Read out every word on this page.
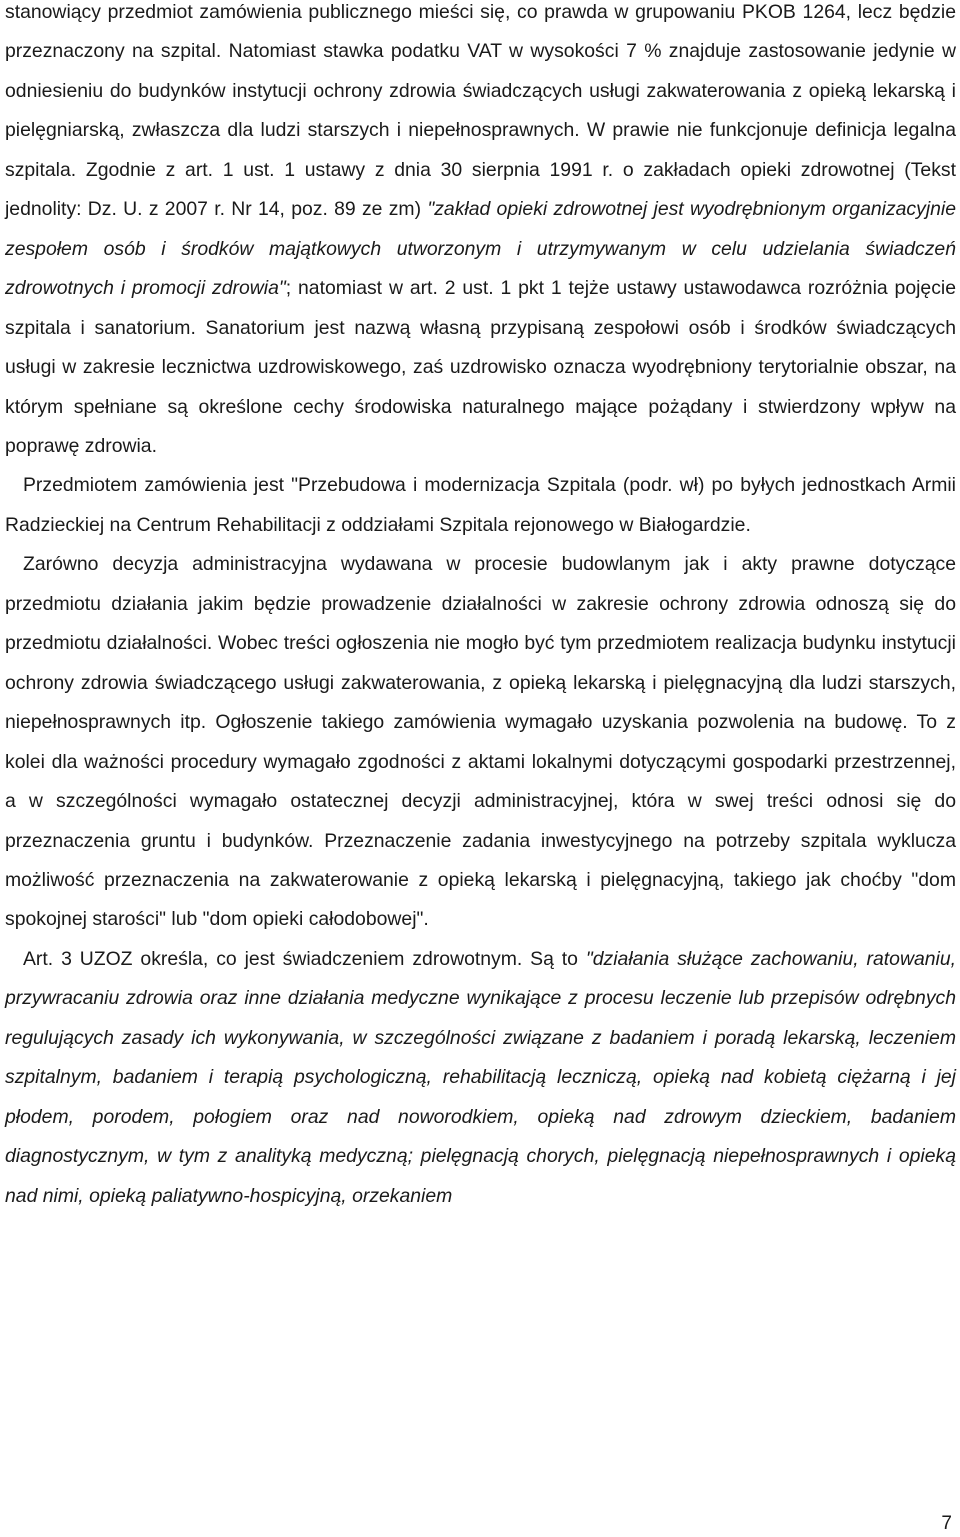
stanowiący przedmiot zamówienia publicznego mieści się, co prawda w grupowaniu PKOB 1264, lecz będzie przeznaczony na szpital. Natomiast stawka podatku VAT w wysokości 7 % znajduje zastosowanie jedynie w odniesieniu do budynków instytucji ochrony zdrowia świadczących usługi zakwaterowania z opieką lekarską i pielęgniarską, zwłaszcza dla ludzi starszych i niepełnosprawnych. W prawie nie funkcjonuje definicja legalna szpitala. Zgodnie z art. 1 ust. 1 ustawy z dnia 30 sierpnia 1991 r. o zakładach opieki zdrowotnej (Tekst jednolity: Dz. U. z 2007 r. Nr 14, poz. 89 ze zm) "zakład opieki zdrowotnej jest wyodrębnionym organizacyjnie zespołem osób i środków majątkowych utworzonym i utrzymywanym w celu udzielania świadczeń zdrowotnych i promocji zdrowia"; natomiast w art. 2 ust. 1 pkt 1 tejże ustawy ustawodawca rozróżnia pojęcie szpitala i sanatorium. Sanatorium jest nazwą własną przypisaną zespołowi osób i środków świadczących usługi w zakresie lecznictwa uzdrowiskowego, zaś uzdrowisko oznacza wyodrębniony terytorialnie obszar, na którym spełniane są określone cechy środowiska naturalnego mające pożądany i stwierdzony wpływ na poprawę zdrowia.

Przedmiotem zamówienia jest "Przebudowa i modernizacja Szpitala (podr. wł) po byłych jednostkach Armii Radzieckiej na Centrum Rehabilitacji z oddziałami Szpitala rejonowego w Białogardzie.

Zarówno decyzja administracyjna wydawana w procesie budowlanym jak i akty prawne dotyczące przedmiotu działania jakim będzie prowadzenie działalności w zakresie ochrony zdrowia odnoszą się do przedmiotu działalności. Wobec treści ogłoszenia nie mogło być tym przedmiotem realizacja budynku instytucji ochrony zdrowia świadczącego usługi zakwaterowania, z opieką lekarską i pielęgnacyjną dla ludzi starszych, niepełnosprawnych itp. Ogłoszenie takiego zamówienia wymagało uzyskania pozwolenia na budowę. To z kolei dla ważności procedury wymagało zgodności z aktami lokalnymi dotyczącymi gospodarki przestrzennej, a w szczególności wymagało ostatecznej decyzji administracyjnej, która w swej treści odnosi się do przeznaczenia gruntu i budynków. Przeznaczenie zadania inwestycyjnego na potrzeby szpitala wyklucza możliwość przeznaczenia na zakwaterowanie z opieką lekarską i pielęgnacyjną, takiego jak choćby "dom spokojnej starości" lub "dom opieki całodobowej".

Art. 3 UZOZ określa, co jest świadczeniem zdrowotnym. Są to "działania służące zachowaniu, ratowaniu, przywracaniu zdrowia oraz inne działania medyczne wynikające z procesu leczenie lub przepisów odrębnych regulujących zasady ich wykonywania, w szczególności związane z badaniem i poradą lekarską, leczeniem szpitalnym, badaniem i terapią psychologiczną, rehabilitacją leczniczą, opieką nad kobietą ciężarną i jej płodem, porodem, połogiem oraz nad noworodkiem, opieką nad zdrowym dzieckiem, badaniem diagnostycznym, w tym z analityką medyczną; pielęgnacją chorych, pielęgnacją niepełnosprawnych i opieką nad nimi, opieką paliatywno-hospicyjną, orzekaniem

7
